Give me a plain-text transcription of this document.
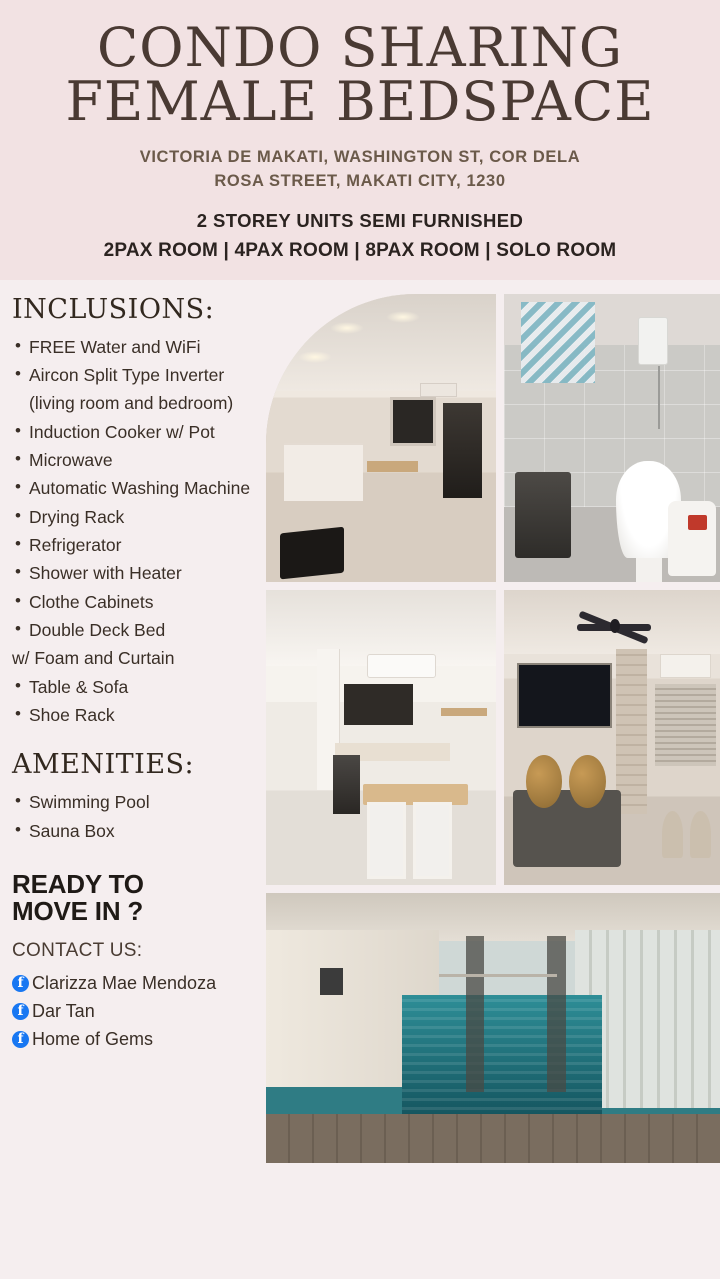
CONDO SHARING
FEMALE BEDSPACE
VICTORIA DE MAKATI, WASHINGTON ST, COR DELA
ROSA STREET, MAKATI CITY, 1230
2 STOREY UNITS SEMI FURNISHED
2PAX ROOM | 4PAX ROOM | 8PAX ROOM | SOLO ROOM
INCLUSIONS:
• FREE Water and WiFi
• Aircon Split Type Inverter (living room and bedroom)
• Induction Cooker w/ Pot
• Microwave
• Automatic Washing Machine
• Drying Rack
• Refrigerator
• Shower with Heater
• Clothe Cabinets
• Double Deck Bed
w/ Foam and Curtain
• Table & Sofa
• Shoe Rack
AMENITIES:
• Swimming Pool
• Sauna Box
READY TO
MOVE IN ?
CONTACT US:
f Clarizza Mae Mendoza
f Dar Tan
f Home of Gems
